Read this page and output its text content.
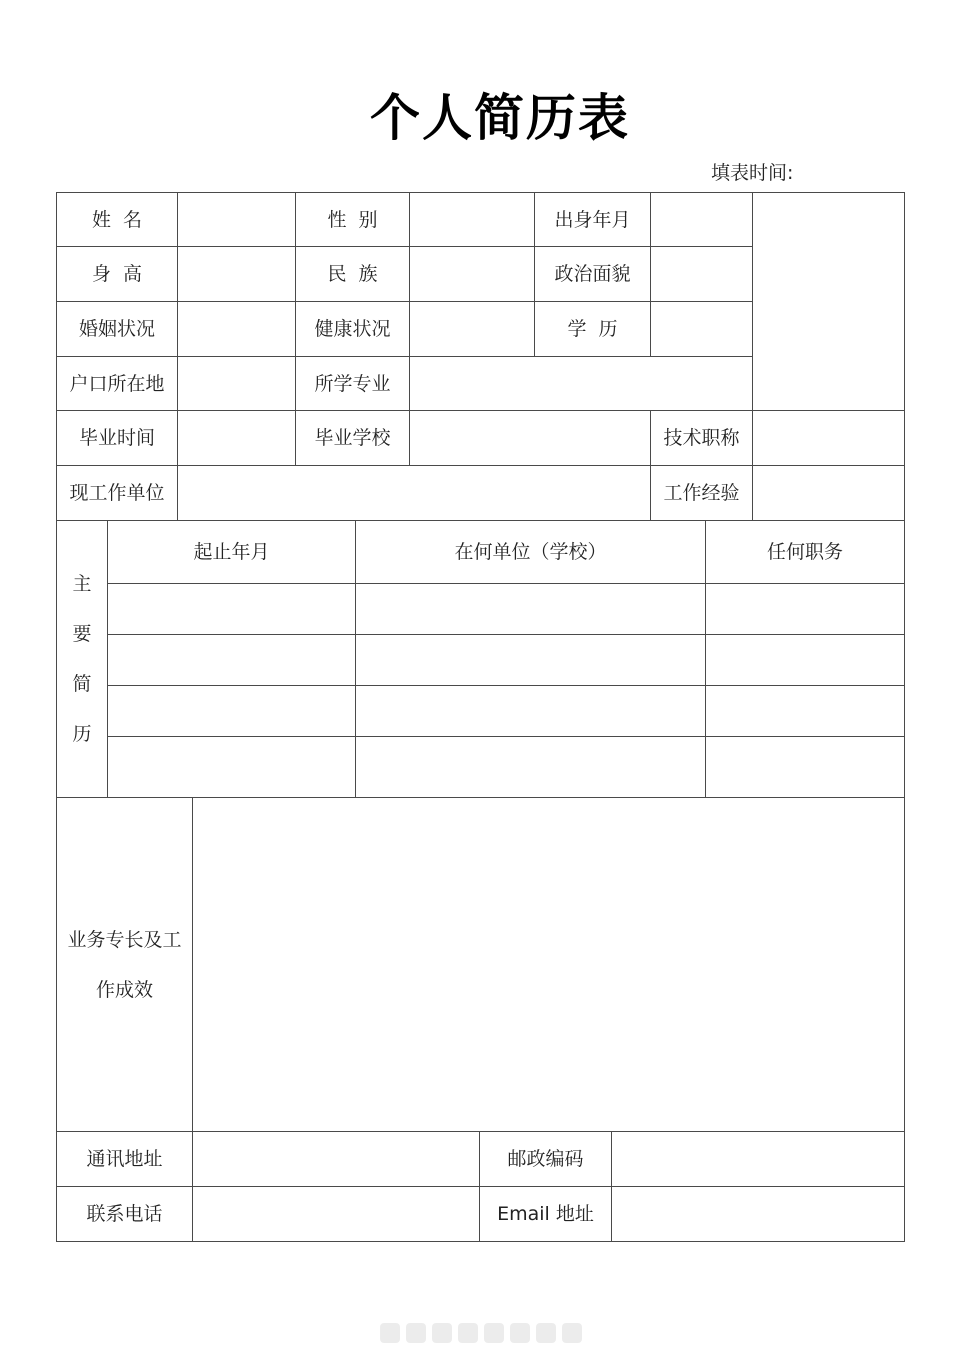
个人简历表
填表时间:
姓  名	性  别	出身年月
身  高	民  族	政治面貌
婚姻状况	健康状况	学  历
户口所在地	所学专业
毕业时间	毕业学校	技术职称
现工作单位	工作经验
主
要
简
历
起止年月	在何单位（学校）	任何职务
业务专长及工
作成效
通讯地址	邮政编码
联系电话	Email 地址
